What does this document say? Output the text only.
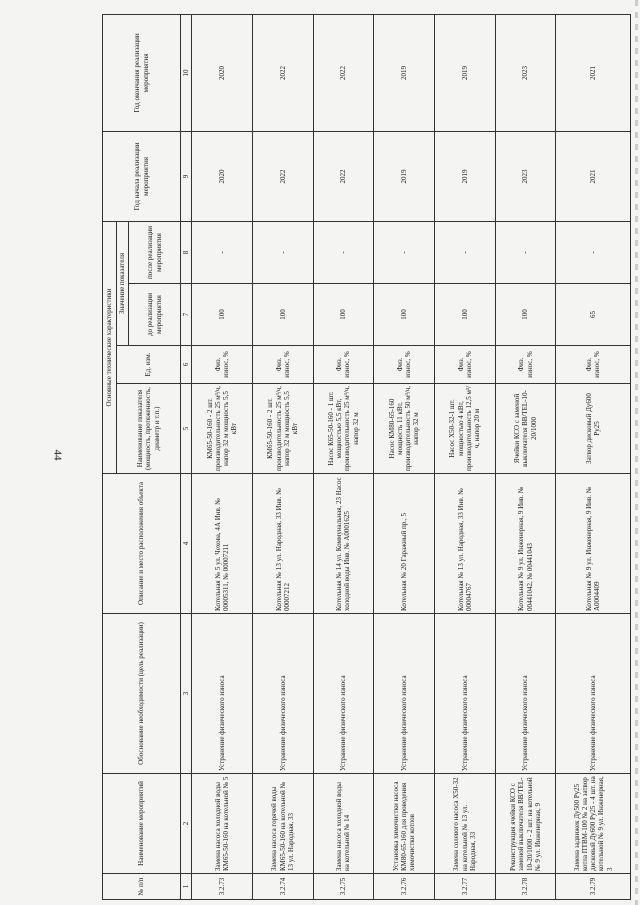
44
№ п/п	Наименование мероприятий	Обоснование необходимости (цель реализации)	Описание и место расположения объекта	Основные технические характеристики				Год начала реализации мероприятия	Год окончания реализации мероприятия
				Наименование показателя (мощность, протяженность, диаметр и т.п.)	Ед. изм.	Значение показателя			
						до реализации мероприятия	после реализации мероприятия		
1	2	3	4	5	6	7	8	9	10
3.2.73	Замена насоса холодной воды КМ65-50-160 на котельной № 5	Устранение физического износа	Котельная № 5 ул. Чехова, 4А Инв. № 00005311, № 00007211	КМ65-50-160 - 2 шт. производительность 25 м³/ч, напор 32 м мощность 5,5 кВт	Физ. износ, %	100	-	2020	2020
3.2.74	Замена насоса горячей воды КМ65-50-160 на котельной № 13 ул. Народная, 33	Устранение физического износа	Котельная № 13 ул. Народная, 33 Инв. № 00007212	КМ65-50-160 - 2 шт. производительность 25 м³/ч, напор 32 м мощность 5,5 кВт	Физ. износ, %	100	-	2022	2022
3.2.75	Замена насоса холодной воды на котельной № 14	Устранение физического износа	Котельная № 14 ул. Коммунальная, 23 Насос холодной воды Инв. № А0001625	Насос К65-50-160 - 1 шт. мощностью 5,5 кВт, производительность 25 м³/ч, напор 32 м	Физ. износ, %	100	-	2022	2022
3.2.76	Установка химочистки насоса КМ80-65-160 для проведения химочистки котлов	Устранение физического износа	Котельная № 20 Гаражный пр., 5	Насос КМ80-65-160 мощность 11 кВт, производительность 50 м³/ч, напор 32 м	Физ. износ, %	100	-	2019	2019
3.2.77	Замена солевого насоса Х50-32 на котельной № 13 ул. Народная, 33	Устранение физического износа	Котельная № 13 ул. Народная, 33 Инв. № 00004767	Насос Х50-32-1 шт. мощностью 4 кВт, производительность 12,5 м³/ч, напор 20 м	Физ. износ, %	100	-	2019	2019
3.2.78	Реконструкция ячейки КСО с заменой выключателя ВВ/ТЕL-10-20/1000 - 2 шт. на котельной № 9 ул. Инженерная, 9	Устранение физического износа	Котельная № 9 ул. Инженерная, 9 Инв. № 00441042, № 00441043	Ячейки КСО с заменой выключателя ВВ/ТЕL-10-20/1000	Физ. износ, %	100	-	2023	2023
3.2.79	Замена задвижек Ду500 Ру25 котла ПТВМ-100 № 2 на затвор дисковый Ду600 Ру25 - 4 шт. на котельной № 9 ул. Инженерная, 3	Устранение физического износа	Котельная № 9 ул. Инженерная, 9 Инв. № А0004409	Затвор дисковый Ду600 Ру25	Физ. износ, %	65	-	2021	2021
